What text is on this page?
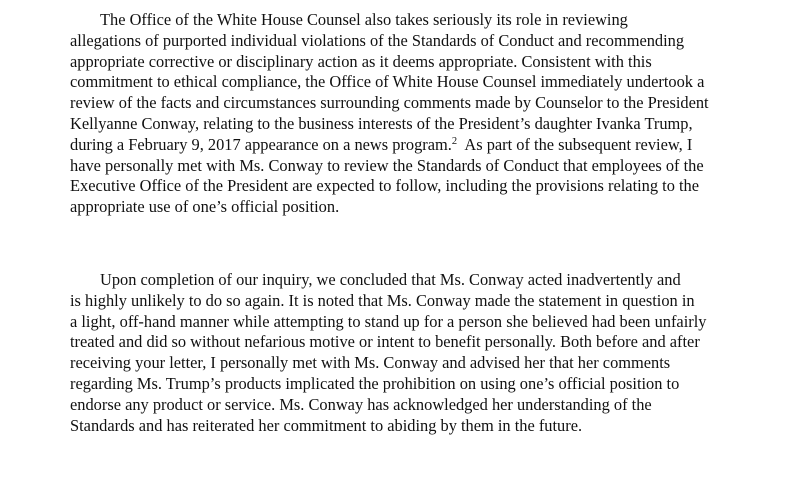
The Office of the White House Counsel also takes seriously its role in reviewing
allegations of purported individual violations of the Standards of Conduct and recommending
appropriate corrective or disciplinary action as it deems appropriate. Consistent with this
commitment to ethical compliance, the Office of White House Counsel immediately undertook a
review of the facts and circumstances surrounding comments made by Counselor to the President
Kellyanne Conway, relating to the business interests of the President’s daughter Ivanka Trump,
during a February 9, 2017 appearance on a news program.$^2$  As part of the subsequent review, I
have personally met with Ms. Conway to review the Standards of Conduct that employees of the
Executive Office of the President are expected to follow, including the provisions relating to the
appropriate use of one’s official position.

Upon completion of our inquiry, we concluded that Ms. Conway acted inadvertently and
is highly unlikely to do so again. It is noted that Ms. Conway made the statement in question in
a light, off-hand manner while attempting to stand up for a person she believed had been unfairly
treated and did so without nefarious motive or intent to benefit personally. Both before and after
receiving your letter, I personally met with Ms. Conway and advised her that her comments
regarding Ms. Trump’s products implicated the prohibition on using one’s official position to
endorse any product or service. Ms. Conway has acknowledged her understanding of the
Standards and has reiterated her commitment to abiding by them in the future.
